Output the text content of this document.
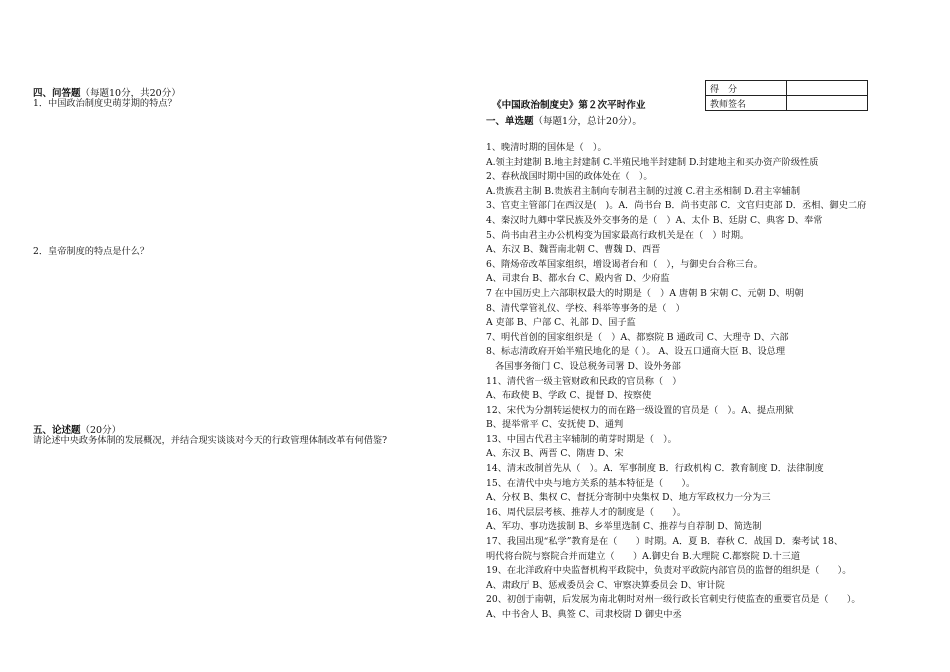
四、问答题（每题10分，共20分）
1．中国政治制度史萌芽期的特点？
2．皇帝制度的特点是什么？
五、论述题（20分）
请论述中央政务体制的发展概况，并结合现实谈谈对今天的行政管理体制改革有何借鉴?
得　分	
教师签名	
《中国政治制度史》第２次平时作业
一、单选题（每题1分，总计20分）。
1、晚清时期的国体是（　）。
A.领主封建制 B.地主封建制 C.半殖民地半封建制 D.封建地主和买办资产阶级性质
2、春秋战国时期中国的政体处在（　）。
A.贵族君主制 B.贵族君主制向专制君主制的过渡 C.君主丞相制 D.君主宰辅制
3、官吏主管部门在西汉是(　)。A．尚书台 B．尚书吏部 C．文官归吏部 D．丞相、御史二府
4、秦汉时九卿中掌民族及外交事务的是（　）A、太仆 B、廷尉 C、典客 D、奉常
5、尚书由君主办公机构变为国家最高行政机关是在（　）时期。
A、东汉 B、魏晋南北朝 C、曹魏 D、西晋
6、隋炀帝改革国家组织，增设谒者台和（　），与御史台合称三台。
A、司隶台 B、都水台 C、殿内省 D、少府监
7 在中国历史上六部职权最大的时期是（　）A 唐朝 B 宋朝 C、元朝 D、明朝
8、清代掌管礼仪、学校、科举等事务的是（　）
A 吏部 B、户部 C、礼部 D、国子监
7、明代首创的国家组织是（　）A、都察院 B 通政司 C、大理寺 D、六部
8、标志清政府开始半殖民地化的是（ ）。 A、设五口通商大臣 B、设总理
　各国事务衙门 C、设总税务司署 D、设外务部
11、清代省一级主管财政和民政的官员称（　）
A、布政使 B、学政 C、提督 D、按察使
12、宋代为分割转运使权力的而在路一级设置的官员是（　）。A、提点刑狱
B、提举常平 C、安抚使 D、通判
13、中国古代君主宰辅制的萌芽时期是（　）。
A、东汉 B、两晋 C、隋唐 D、宋
14、清末改制首先从（　）。A．军事制度 B．行政机构 C．教育制度 D．法律制度
15、在清代中央与地方关系的基本特征是（　　）。
A、分权 B、集权 C、督抚分寄制中央集权 D、地方军政权力一分为三
16、周代层层考核、推荐人才的制度是（　　）。
A、军功、事功选拔制 B、乡举里选制 C、推荐与自荐制 D、简选制
17、我国出现“私学”教育是在（　　）时期。A．夏 B．春秋 C．战国 D．秦考试 18、
明代将台院与察院合并而建立（　　）A.御史台 B.大理院 C.都察院 D.十三道
19、在北洋政府中央监督机构平政院中，负责对平政院内部官员的监督的组织是（　　）。
A、肃政厅 B、惩戒委员会 C、审察决算委员会 D、审计院
20、初创于南朝，后发展为南北朝时对州一级行政长官刺史行使监查的重要官员是（　　）。
A、中书舍人 B、典签 C、司隶校尉 D 御史中丞
